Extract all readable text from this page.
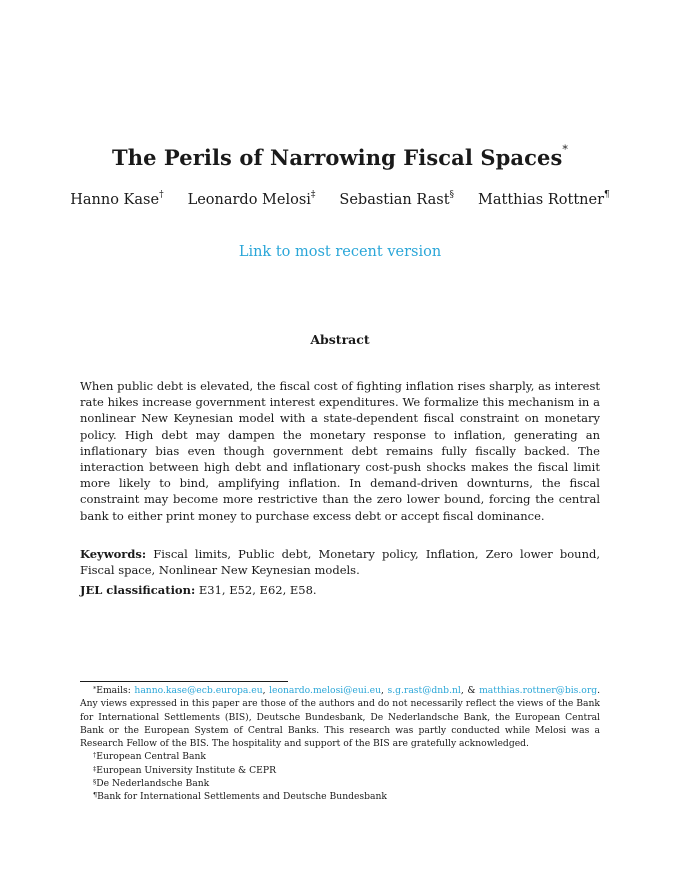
The Perils of Narrowing Fiscal Spaces*
Hanno Kase† Leonardo Melosi‡ Sebastian Rast§ Matthias Rottner¶
Link to most recent version
Abstract
When public debt is elevated, the fiscal cost of fighting inflation rises sharply, as interest rate hikes increase government interest expenditures. We formalize this mechanism in a nonlinear New Keynesian model with a state-dependent fiscal constraint on monetary policy. High debt may dampen the monetary response to inflation, generating an inflationary bias even though government debt remains fully fiscally backed. The interaction between high debt and inflationary cost-push shocks makes the fiscal limit more likely to bind, amplifying inflation. In demand-driven downturns, the fiscal constraint may become more restrictive than the zero lower bound, forcing the central bank to either print money to purchase excess debt or accept fiscal dominance.
Keywords: Fiscal limits, Public debt, Monetary policy, Inflation, Zero lower bound, Fiscal space, Nonlinear New Keynesian models.
JEL classification: E31, E52, E62, E58.

*Emails: hanno.kase@ecb.europa.eu, leonardo.melosi@eui.eu, s.g.rast@dnb.nl, & matthias.rottner@bis.org. Any views expressed in this paper are those of the authors and do not necessarily reflect the views of the Bank for International Settlements (BIS), Deutsche Bundesbank, De Nederlandsche Bank, the European Central Bank or the European System of Central Banks. This research was partly conducted while Melosi was a Research Fellow of the BIS. The hospitality and support of the BIS are gratefully acknowledged.

†European Central Bank

‡European University Institute & CEPR

§De Nederlandsche Bank

¶Bank for International Settlements and Deutsche Bundesbank
